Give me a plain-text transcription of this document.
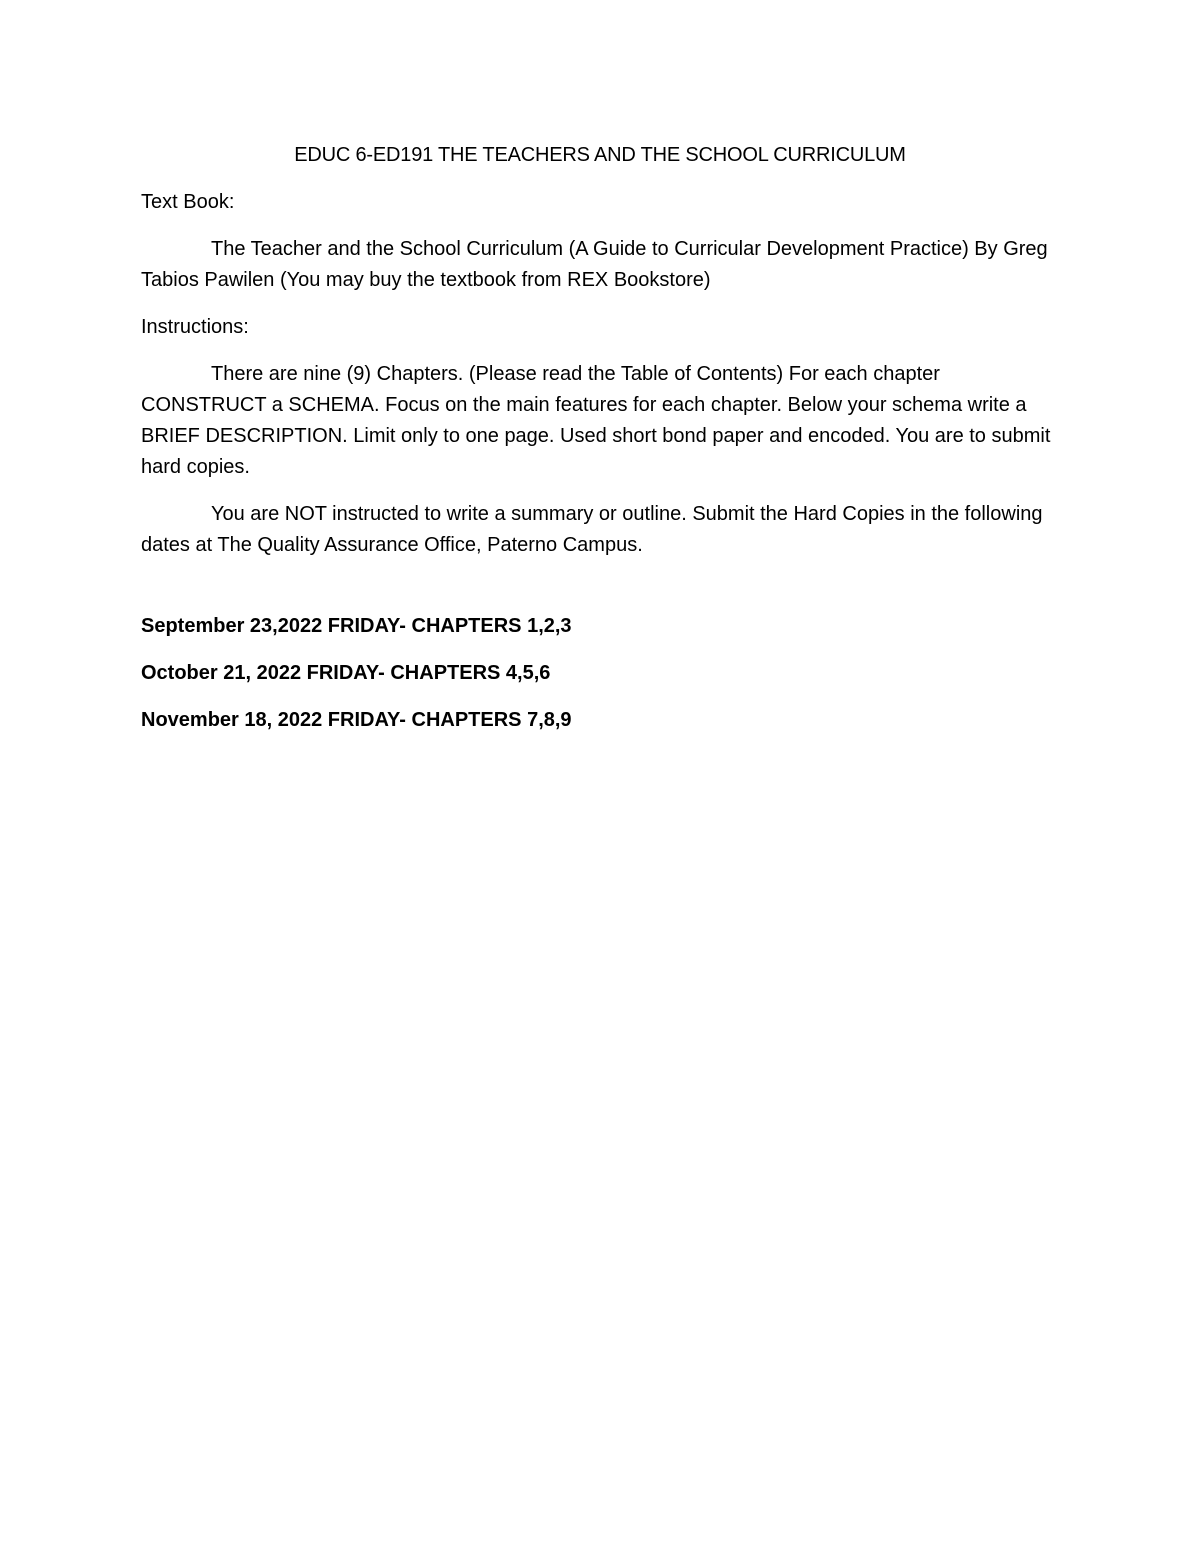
EDUC 6-ED191 THE TEACHERS AND THE SCHOOL CURRICULUM

Text Book:

The Teacher and the School Curriculum (A Guide to Curricular Development Practice) By Greg Tabios Pawilen (You may buy the textbook from REX Bookstore)

Instructions:

There are nine (9) Chapters. (Please read the Table of Contents) For each chapter CONSTRUCT a SCHEMA. Focus on the main features for each chapter. Below your schema write a BRIEF DESCRIPTION. Limit only to one page. Used short bond paper and encoded. You are to submit hard copies.

You are NOT instructed to write a summary or outline. Submit the Hard Copies in the following dates at The Quality Assurance Office, Paterno Campus.

September 23,2022 FRIDAY- CHAPTERS 1,2,3

October 21, 2022 FRIDAY- CHAPTERS 4,5,6

November 18, 2022 FRIDAY- CHAPTERS 7,8,9
